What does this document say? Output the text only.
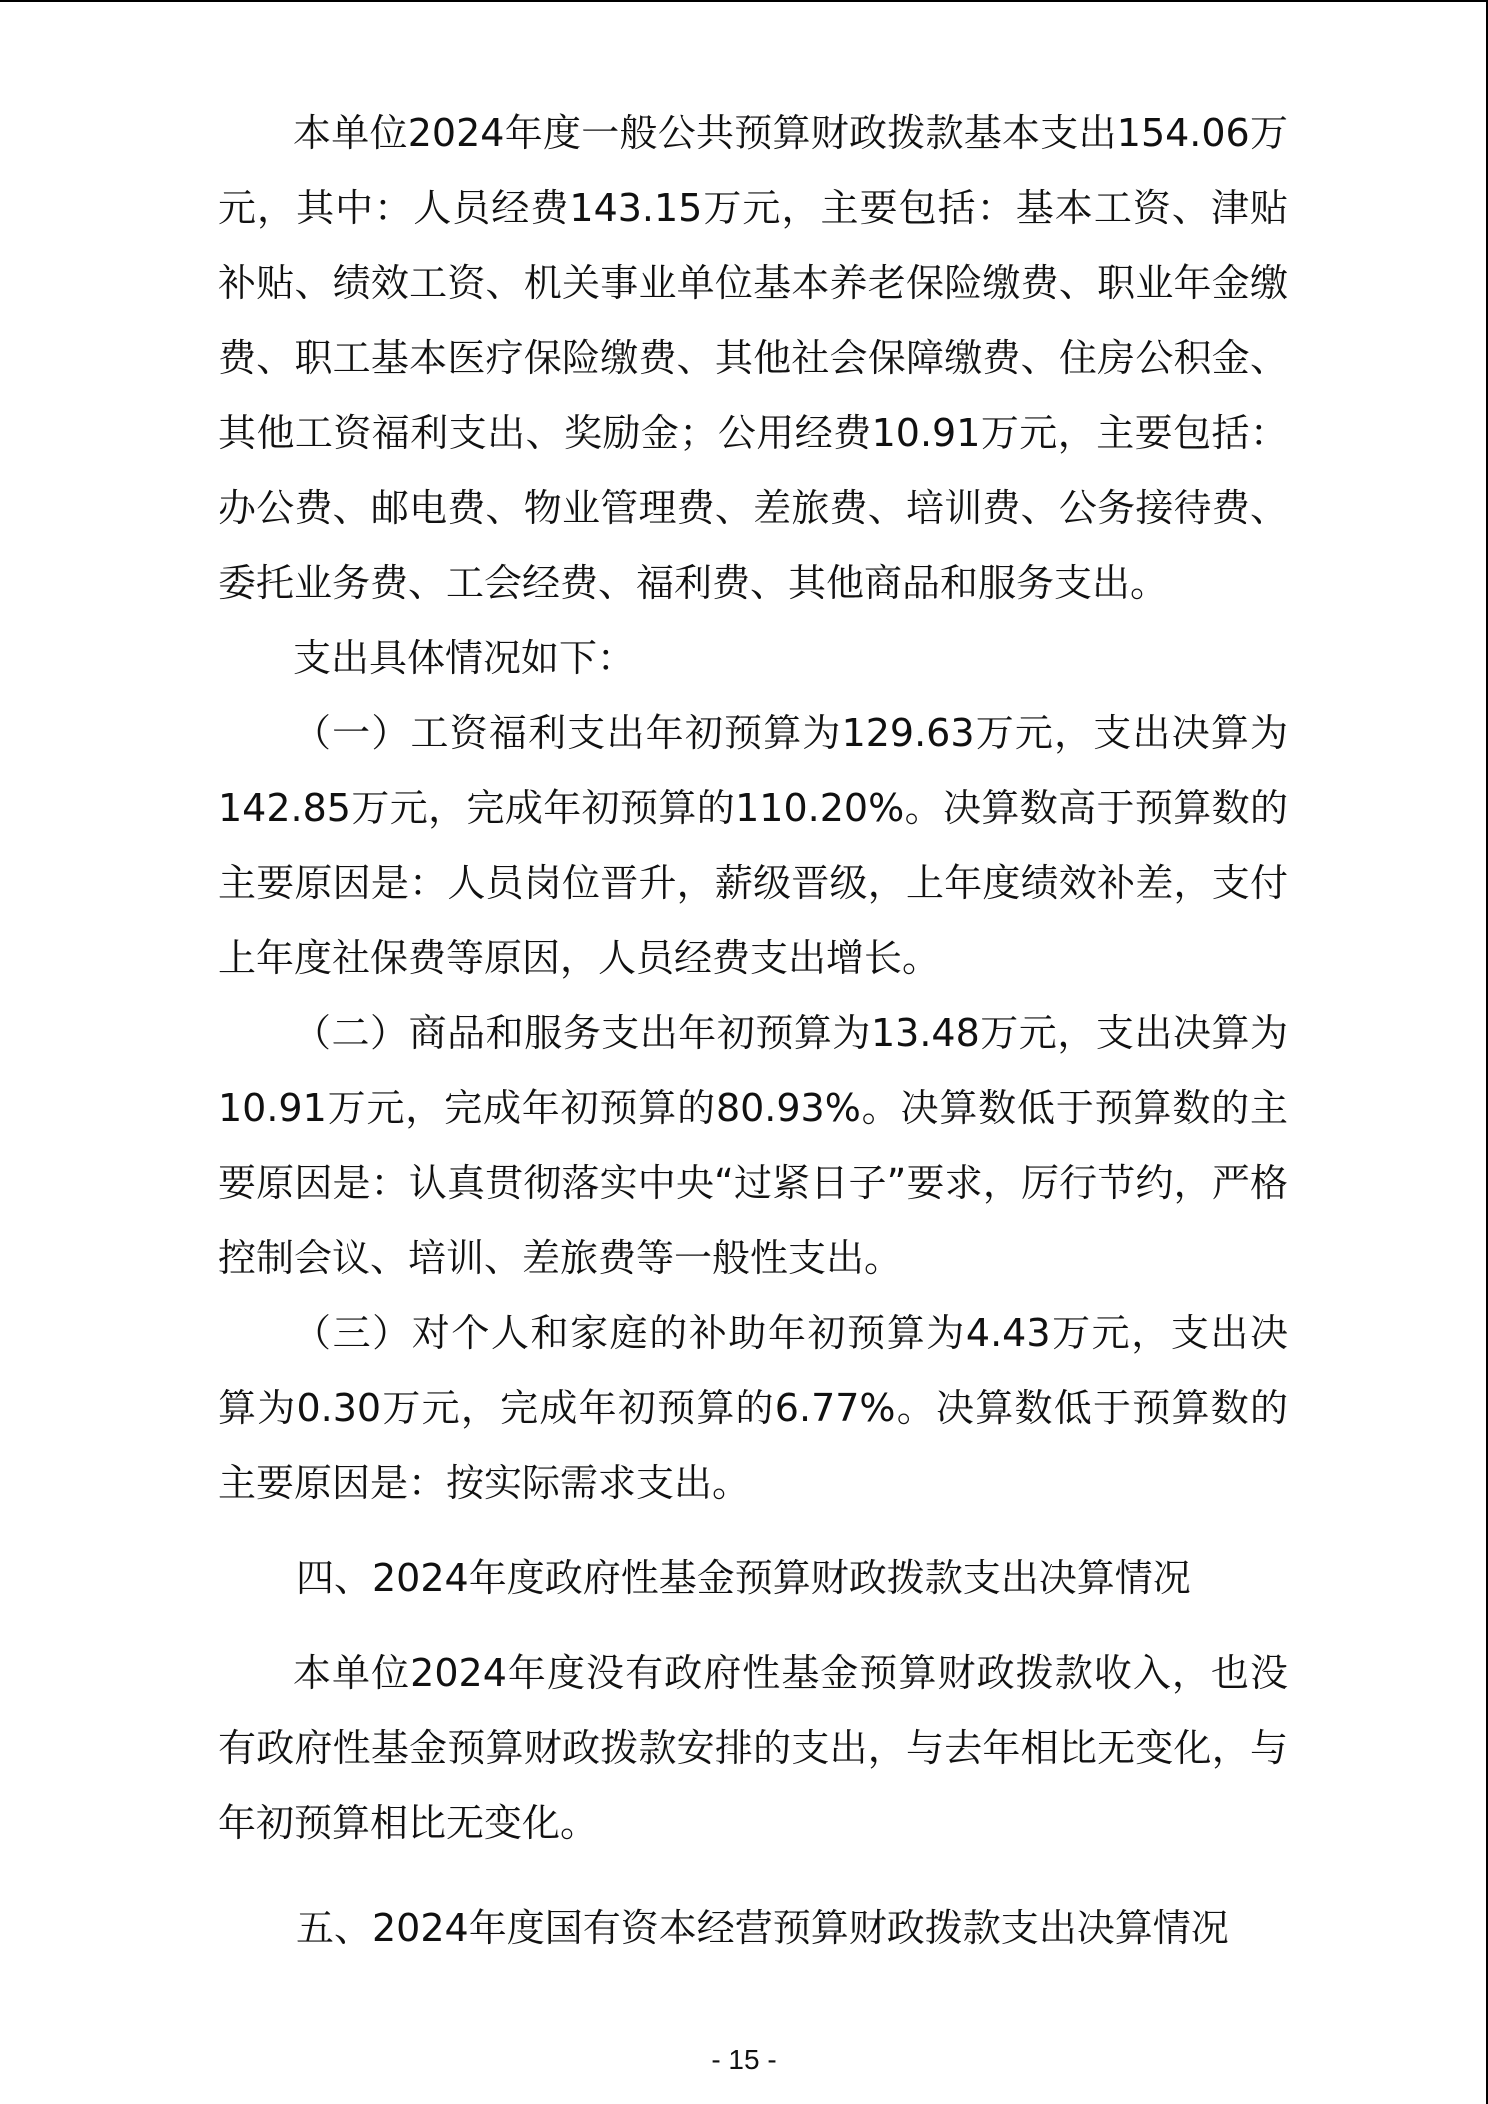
本单位2024年度一般公共预算财政拨款基本支出154.06万元，其中：人员经费143.15万元，主要包括：基本工资、津贴补贴、绩效工资、机关事业单位基本养老保险缴费、职业年金缴费、职工基本医疗保险缴费、其他社会保障缴费、住房公积金、其他工资福利支出、奖励金；公用经费10.91万元，主要包括：办公费、邮电费、物业管理费、差旅费、培训费、公务接待费、委托业务费、工会经费、福利费、其他商品和服务支出。

支出具体情况如下：

（一）工资福利支出年初预算为129.63万元，支出决算为142.85万元，完成年初预算的110.20%。决算数高于预算数的主要原因是：人员岗位晋升，薪级晋级，上年度绩效补差，支付上年度社保费等原因，人员经费支出增长。

（二）商品和服务支出年初预算为13.48万元，支出决算为10.91万元，完成年初预算的80.93%。决算数低于预算数的主要原因是：认真贯彻落实中央“过紧日子”要求，厉行节约，严格控制会议、培训、差旅费等一般性支出。

（三）对个人和家庭的补助年初预算为4.43万元，支出决算为0.30万元，完成年初预算的6.77%。决算数低于预算数的主要原因是：按实际需求支出。

四、2024年度政府性基金预算财政拨款支出决算情况

本单位2024年度没有政府性基金预算财政拨款收入，也没有政府性基金预算财政拨款安排的支出，与去年相比无变化，与年初预算相比无变化。

五、2024年度国有资本经营预算财政拨款支出决算情况

- 15 -
